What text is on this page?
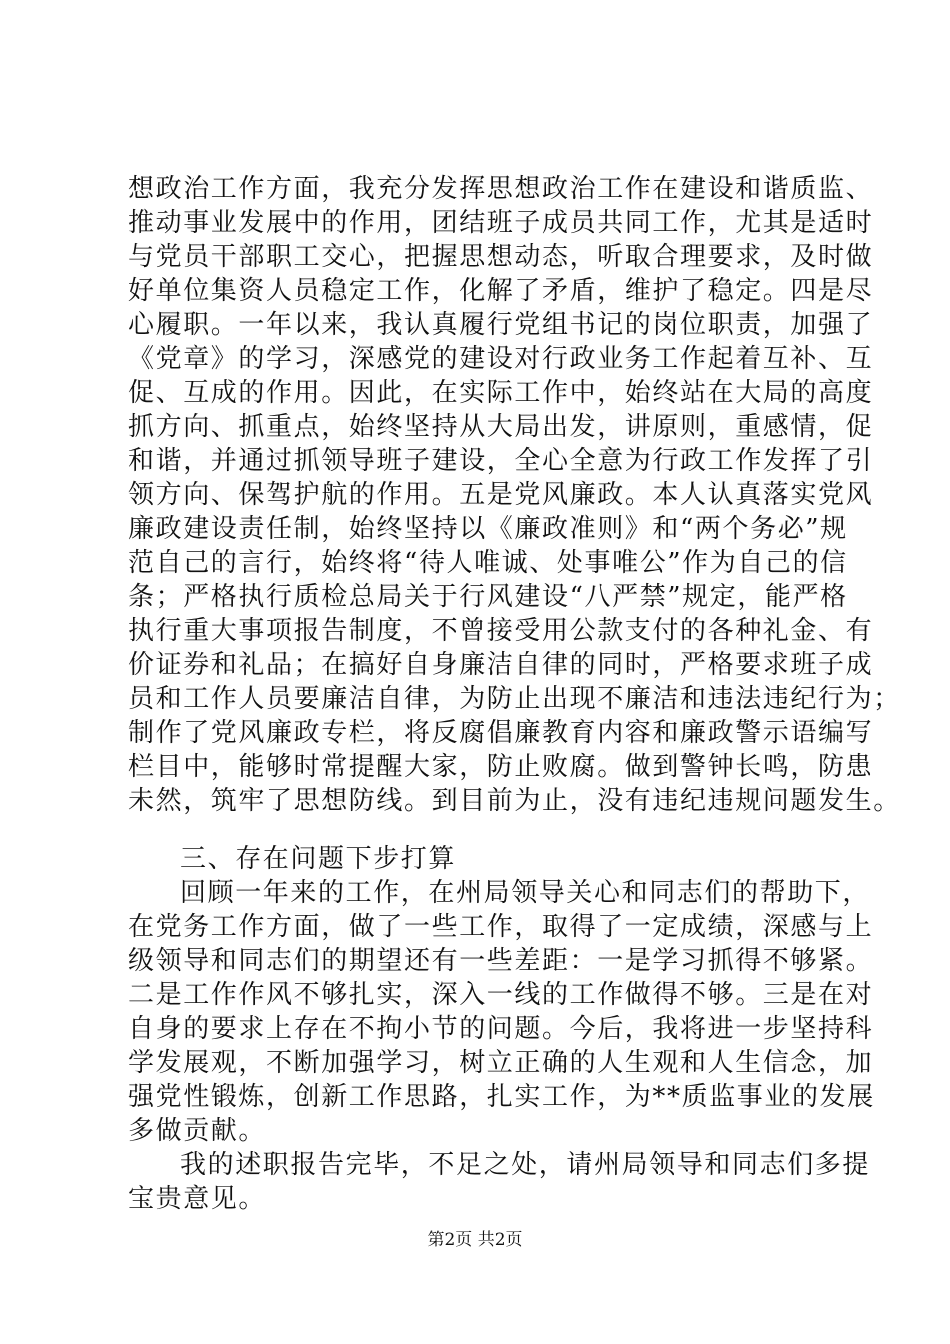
想政治工作方面，我充分发挥思想政治工作在建设和谐质监、
推动事业发展中的作用，团结班子成员共同工作，尤其是适时
与党员干部职工交心，把握思想动态，听取合理要求，及时做
好单位集资人员稳定工作，化解了矛盾，维护了稳定。四是尽
心履职。一年以来，我认真履行党组书记的岗位职责，加强了
《党章》的学习，深感党的建设对行政业务工作起着互补、互
促、互成的作用。因此，在实际工作中，始终站在大局的高度
抓方向、抓重点，始终坚持从大局出发，讲原则，重感情，促
和谐，并通过抓领导班子建设，全心全意为行政工作发挥了引
领方向、保驾护航的作用。五是党风廉政。本人认真落实党风
廉政建设责任制，始终坚持以《廉政准则》和“两个务必”规
范自己的言行，始终将“待人唯诚、处事唯公”作为自己的信
条；严格执行质检总局关于行风建设“八严禁”规定，能严格
执行重大事项报告制度，不曾接受用公款支付的各种礼金、有
价证券和礼品；在搞好自身廉洁自律的同时，严格要求班子成
员和工作人员要廉洁自律，为防止出现不廉洁和违法违纪行为；
制作了党风廉政专栏，将反腐倡廉教育内容和廉政警示语编写
栏目中，能够时常提醒大家，防止败腐。做到警钟长鸣，防患
未然，筑牢了思想防线。到目前为止，没有违纪违规问题发生。
三、存在问题下步打算
回顾一年来的工作，在州局领导关心和同志们的帮助下，
在党务工作方面，做了一些工作，取得了一定成绩，深感与上
级领导和同志们的期望还有一些差距：一是学习抓得不够紧。
二是工作作风不够扎实，深入一线的工作做得不够。三是在对
自身的要求上存在不拘小节的问题。今后，我将进一步坚持科
学发展观，不断加强学习，树立正确的人生观和人生信念，加
强党性锻炼，创新工作思路，扎实工作，为**质监事业的发展
多做贡献。
我的述职报告完毕，不足之处，请州局领导和同志们多提
宝贵意见。
第2页 共2页
